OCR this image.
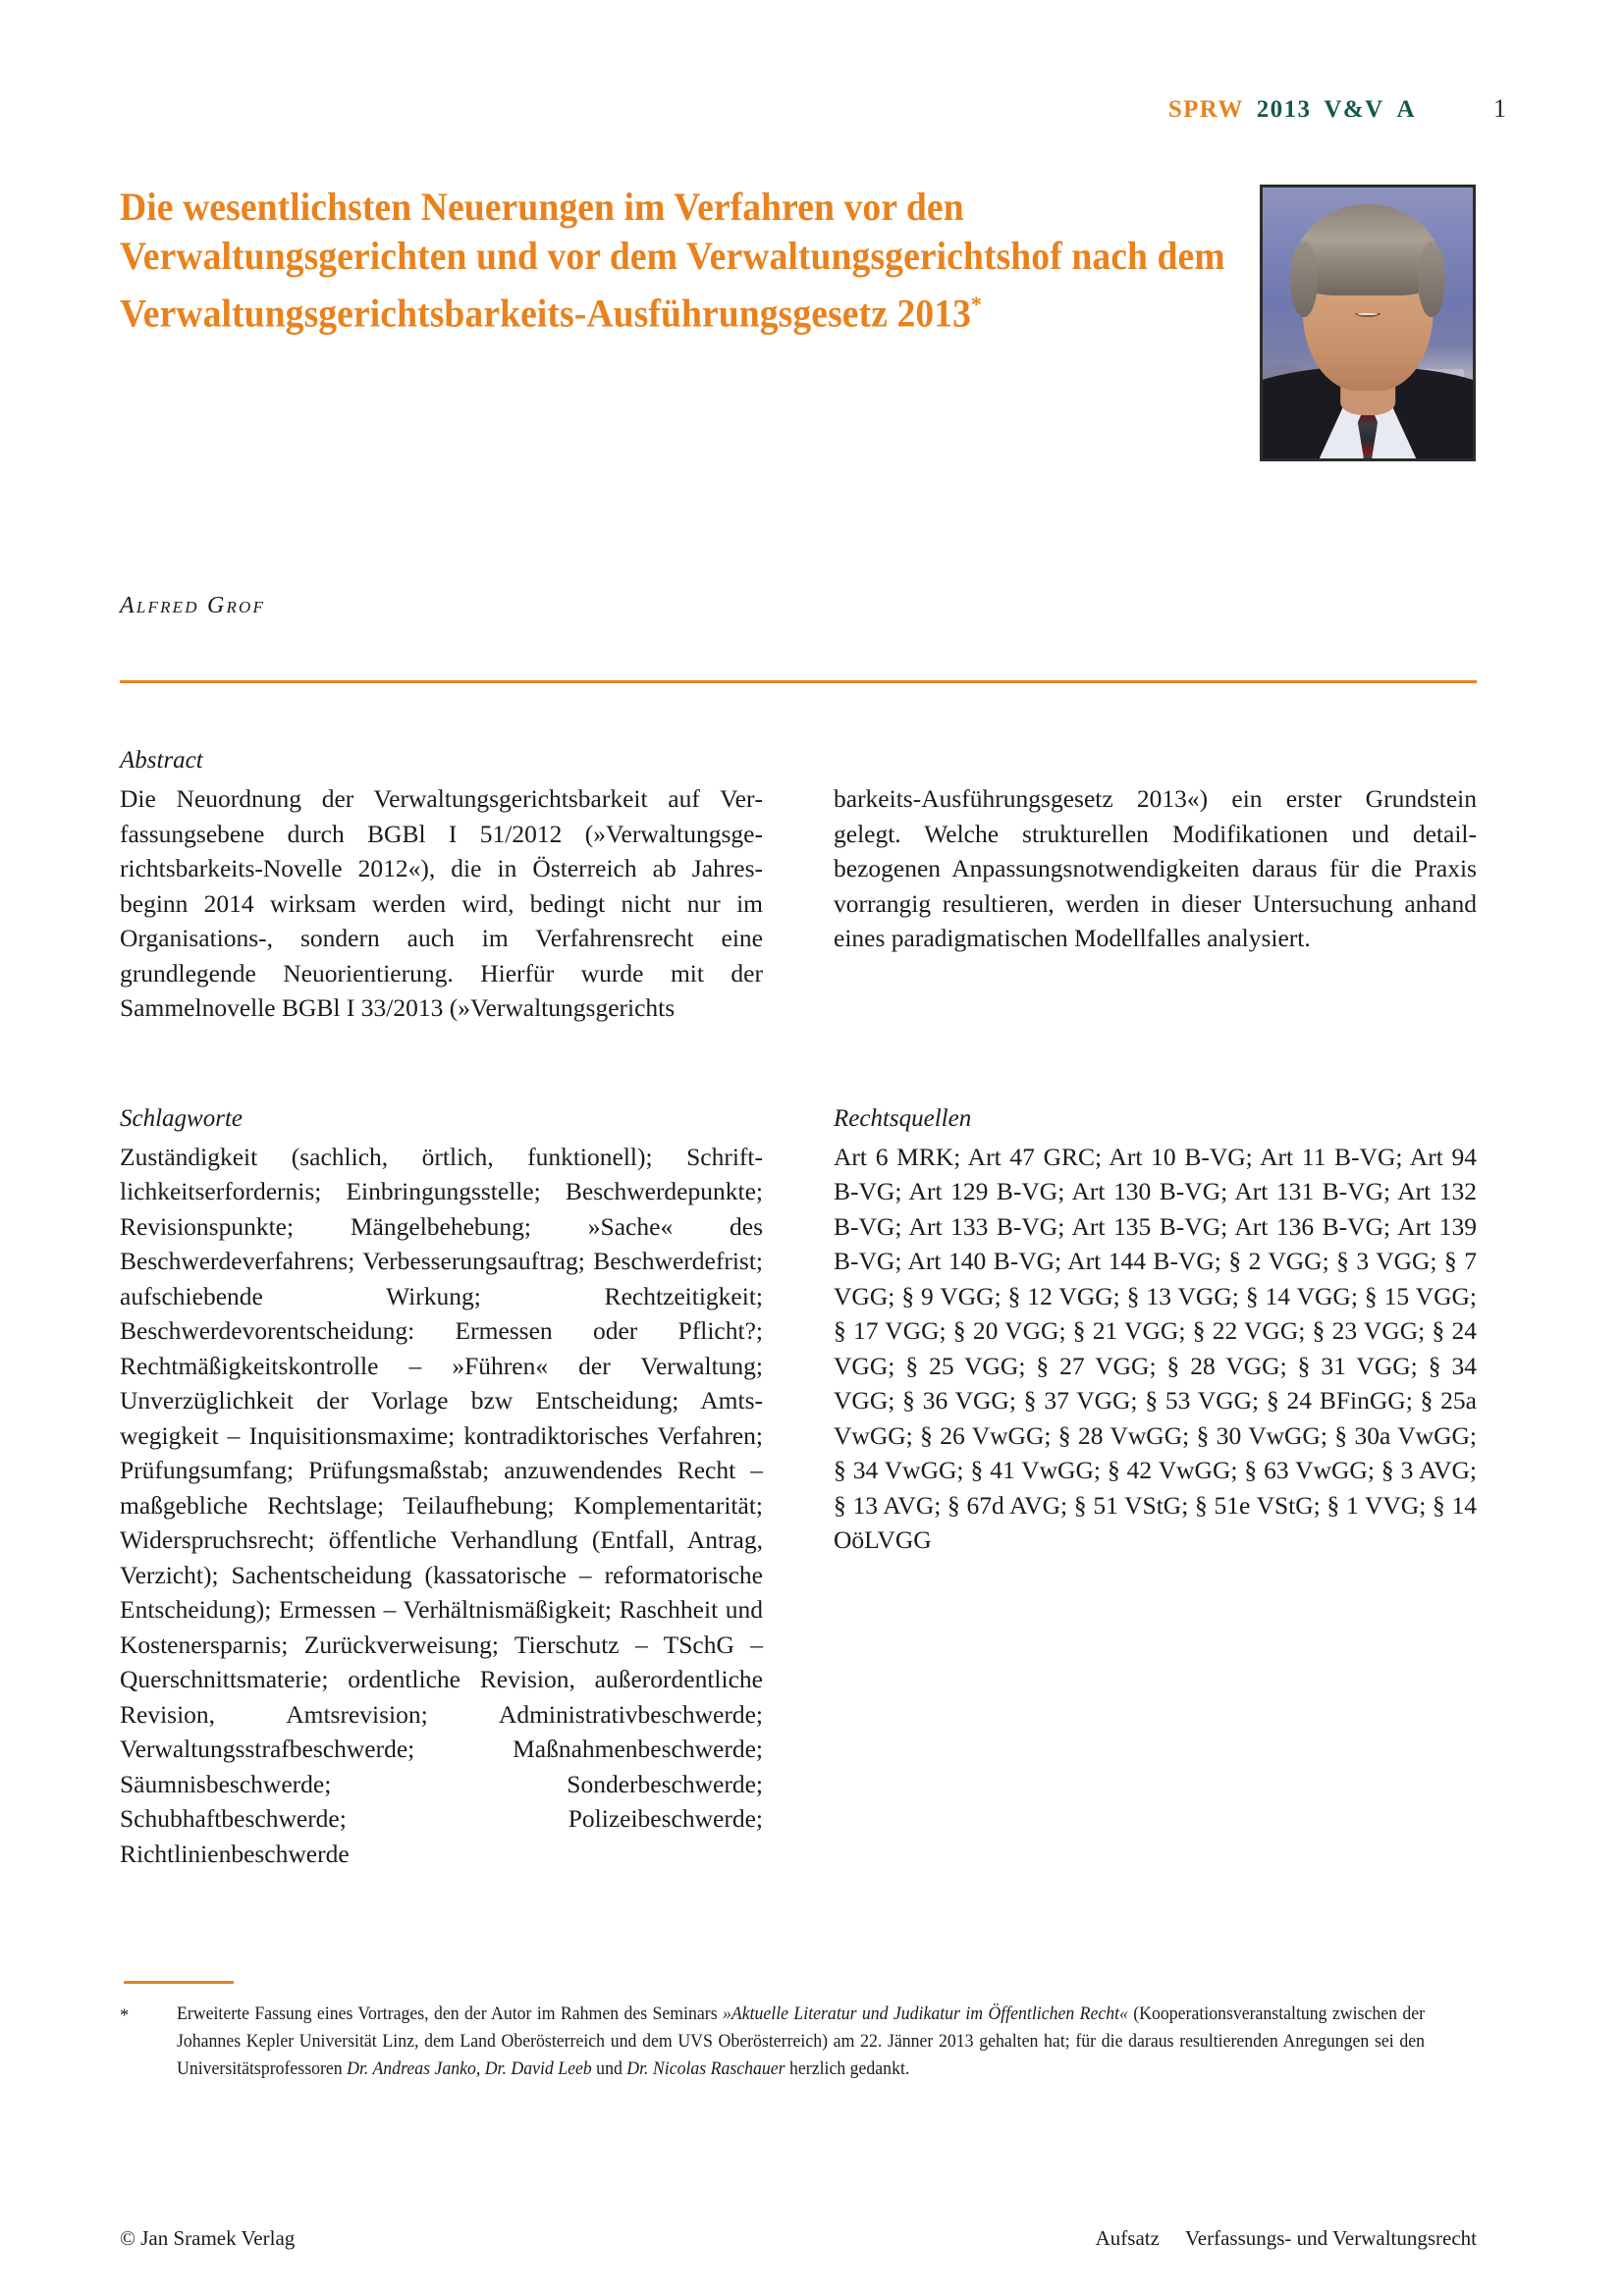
SPRW 2013 V&V A	1
Die wesentlichsten Neuerungen im Verfahren vor den Verwaltungsgerichten und vor dem Verwaltungsgerichtshof nach dem Verwaltungsgerichtsbarkeits-Ausführungsgesetz 2013*
Alfred Grof
Abstract

Die Neuordnung der Verwaltungsgerichtsbarkeit auf Verfassungsebene durch BGBl I 51/2012 (»Verwaltungsgerichtsbarkeits-Novelle 2012«), die in Österreich ab Jahresbeginn 2014 wirksam werden wird, bedingt nicht nur im Organisations-, sondern auch im Verfahrensrecht eine grundlegende Neuorientierung. Hierfür wurde mit der Sammelnovelle BGBl I 33/2013 (»Verwaltungsgerichts

barkeits-Ausführungsgesetz 2013«) ein erster Grundstein gelegt. Welche strukturellen Modifikationen und detailbezogenen Anpassungsnotwendigkeiten daraus für die Praxis vorrangig resultieren, werden in dieser Untersuchung anhand eines paradigmatischen Modellfalles analysiert.

Schlagworte

Zuständigkeit (sachlich, örtlich, funktionell); Schriftlichkeitserfordernis; Einbringungsstelle; Beschwerdepunkte; Revisionspunkte; Mängelbehebung; »Sache« des Beschwerdeverfahrens; Verbesserungsauftrag; Beschwerdefrist; aufschiebende Wirkung; Rechtzeitigkeit; Beschwerdevorentscheidung: Ermessen oder Pflicht?; Rechtmäßigkeitskontrolle – »Führen« der Verwaltung; Unverzüglichkeit der Vorlage bzw Entscheidung; Amtswegigkeit – Inquisitionsmaxime; kontradiktorisches Verfahren; Prüfungsumfang; Prüfungsmaßstab; anzuwendendes Recht – maßgebliche Rechtslage; Teilaufhebung; Komplementarität; Widerspruchsrecht; öffentliche Verhandlung (Entfall, Antrag, Verzicht); Sachentscheidung (kassatorische – reformatorische Entscheidung); Ermessen – Verhältnismäßigkeit; Raschheit und Kostenersparnis; Zurückverweisung; Tierschutz – TSchG – Querschnittsmaterie; ordentliche Revision, außerordentliche Revision, Amtsrevision; Administrativbeschwerde; Verwaltungsstrafbeschwerde; Maßnahmenbeschwerde; Säumnisbeschwerde; Sonderbeschwerde; Schubhaftbeschwerde; Polizeibeschwerde; Richtlinienbeschwerde

Rechtsquellen

Art 6 MRK; Art 47 GRC; Art 10 B-VG; Art 11 B-VG; Art 94 B-VG; Art 129 B-VG; Art 130 B-VG; Art 131 B-VG; Art 132 B-VG; Art 133 B-VG; Art 135 B-VG; Art 136 B-VG; Art 139 B-VG; Art 140 B-VG; Art 144 B-VG; § 2 VGG; § 3 VGG; § 7 VGG; § 9 VGG; § 12 VGG; § 13 VGG; § 14 VGG; § 15 VGG; § 17 VGG; § 20 VGG; § 21 VGG; § 22 VGG; § 23 VGG; § 24 VGG; § 25 VGG; § 27 VGG; § 28 VGG; § 31 VGG; § 34 VGG; § 36 VGG; § 37 VGG; § 53 VGG; § 24 BFinGG; § 25a VwGG; § 26 VwGG; § 28 VwGG; § 30 VwGG; § 30a VwGG; § 34 VwGG; § 41 VwGG; § 42 VwGG; § 63 VwGG; § 3 AVG; § 13 AVG; § 67d AVG; § 51 VStG; § 51e VStG; § 1 VVG; § 14 OöLVGG

*	Erweiterte Fassung eines Vortrages, den der Autor im Rahmen des Seminars »Aktuelle Literatur und Judikatur im Öffentlichen Recht« (Kooperationsveranstaltung zwischen der Johannes Kepler Universität Linz, dem Land Oberösterreich und dem UVS Oberösterreich) am 22. Jänner 2013 gehalten hat; für die daraus resultierenden Anregungen sei den Universitätsprofessoren Dr. Andreas Janko, Dr. David Leeb und Dr. Nicolas Raschauer herzlich gedankt.
© Jan Sramek Verlag	Aufsatz Verfassungs- und Verwaltungsrecht
